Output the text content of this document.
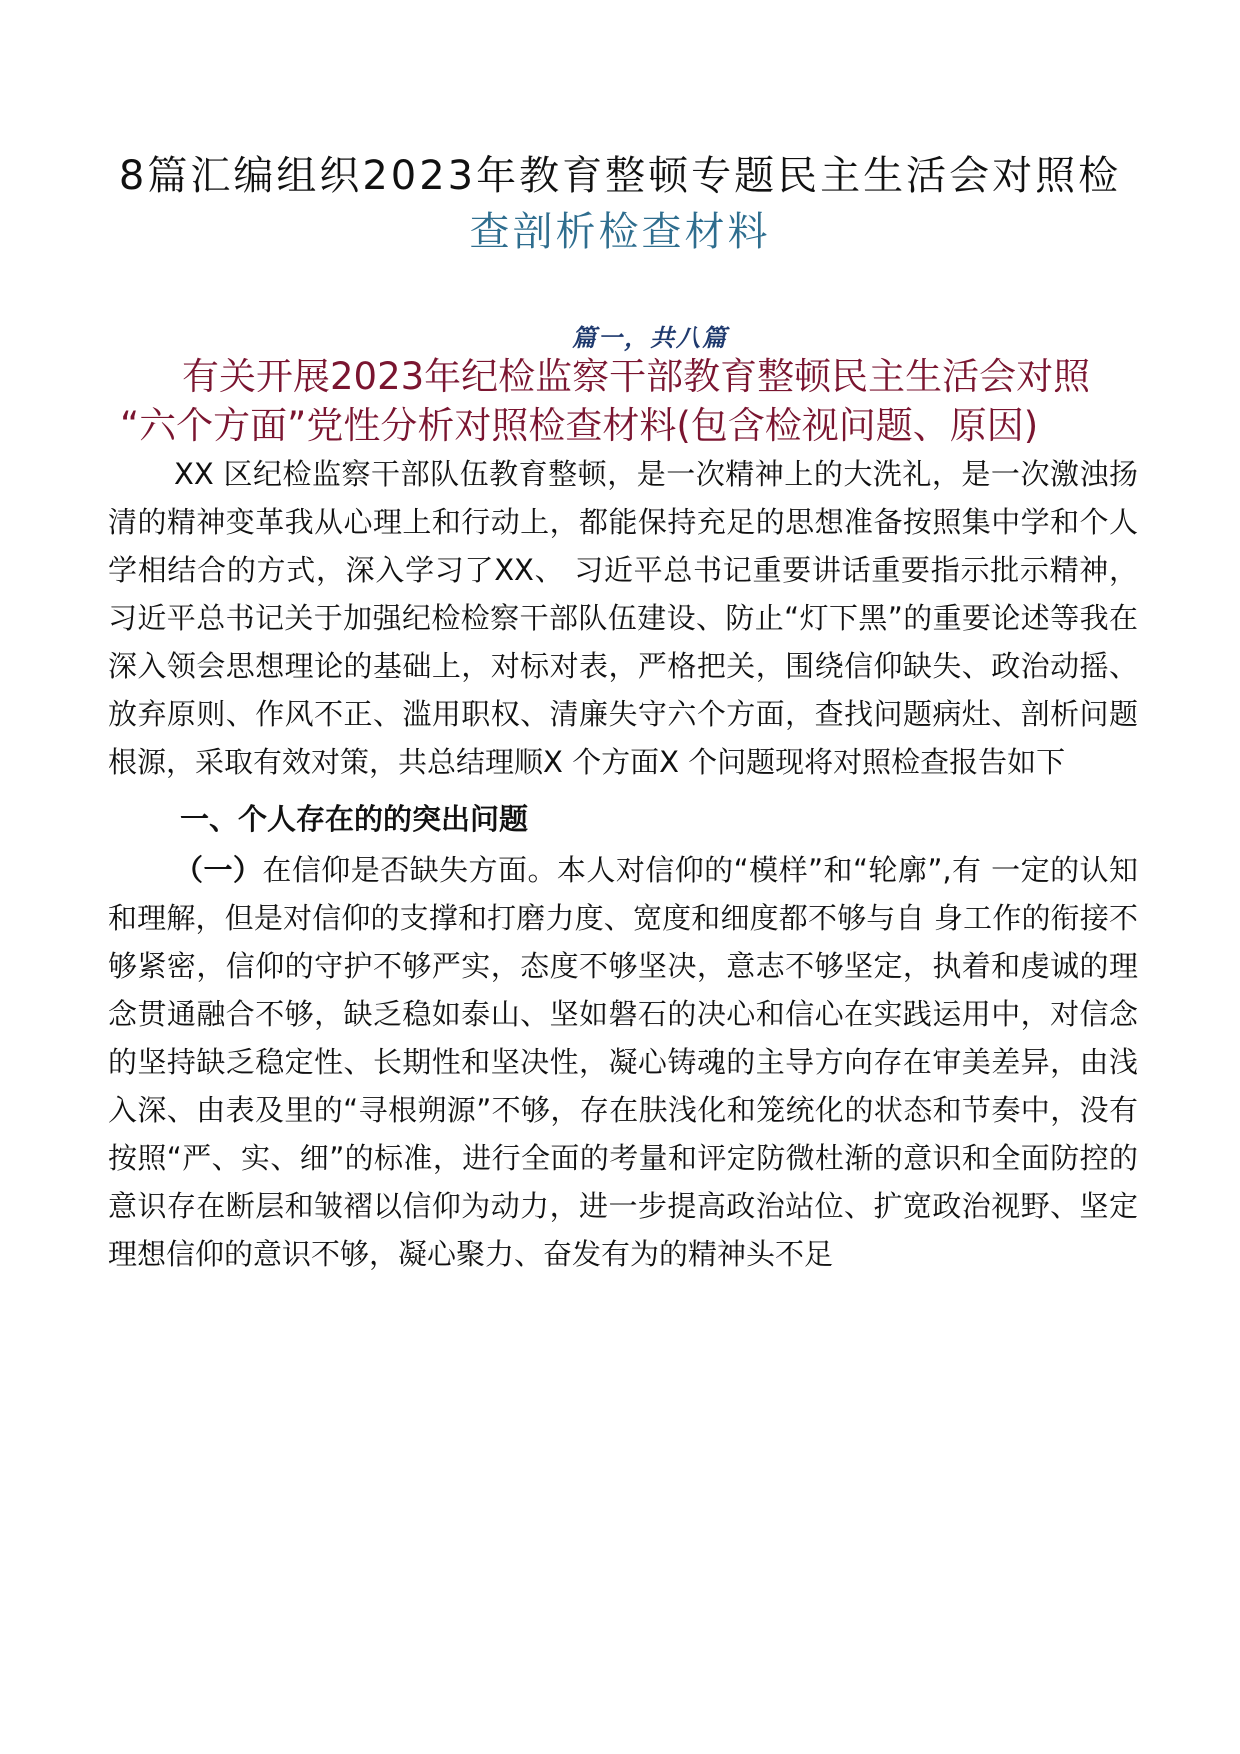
8篇汇编组织2023年教育整顿专题民主生活会对照检
查剖析检查材料
篇一，共八篇
有关开展2023年纪检监察干部教育整顿民主生活会对照
“六个方面”党性分析对照检查材料(包含检视问题、原因)

XX 区纪检监察干部队伍教育整顿，是一次精神上的大洗礼，是一次激浊扬清的精神变革我从心理上和行动上，都能保持充足的思想准备按照集中学和个人学相结合的方式，深入学习了XX、 习近平总书记重要讲话重要指示批示精神，习近平总书记关于加强纪检检察干部队伍建设、防止“灯下黑”的重要论述等我在深入领会思想理论的基础上，对标对表，严格把关，围绕信仰缺失、政治动摇、放弃原则、作风不正、滥用职权、清廉失守六个方面，查找问题病灶、剖析问题根源，采取有效对策，共总结理顺X 个方面X 个问题现将对照检查报告如下

一、个人存在的的突出问题

（一）在信仰是否缺失方面。本人对信仰的“模样”和“轮廓”,有 一定的认知和理解，但是对信仰的支撑和打磨力度、宽度和细度都不够与自 身工作的衔接不够紧密，信仰的守护不够严实，态度不够坚决，意志不够坚定，执着和虔诚的理念贯通融合不够，缺乏稳如泰山、坚如磐石的决心和信心在实践运用中，对信念的坚持缺乏稳定性、长期性和坚决性，凝心铸魂的主导方向存在审美差异，由浅入深、由表及里的“寻根朔源”不够，存在肤浅化和笼统化的状态和节奏中，没有按照“严、实、细”的标准，进行全面的考量和评定防微杜渐的意识和全面防控的意识存在断层和皱褶以信仰为动力，进一步提高政治站位、扩宽政治视野、坚定理想信仰的意识不够，凝心聚力、奋发有为的精神头不足
